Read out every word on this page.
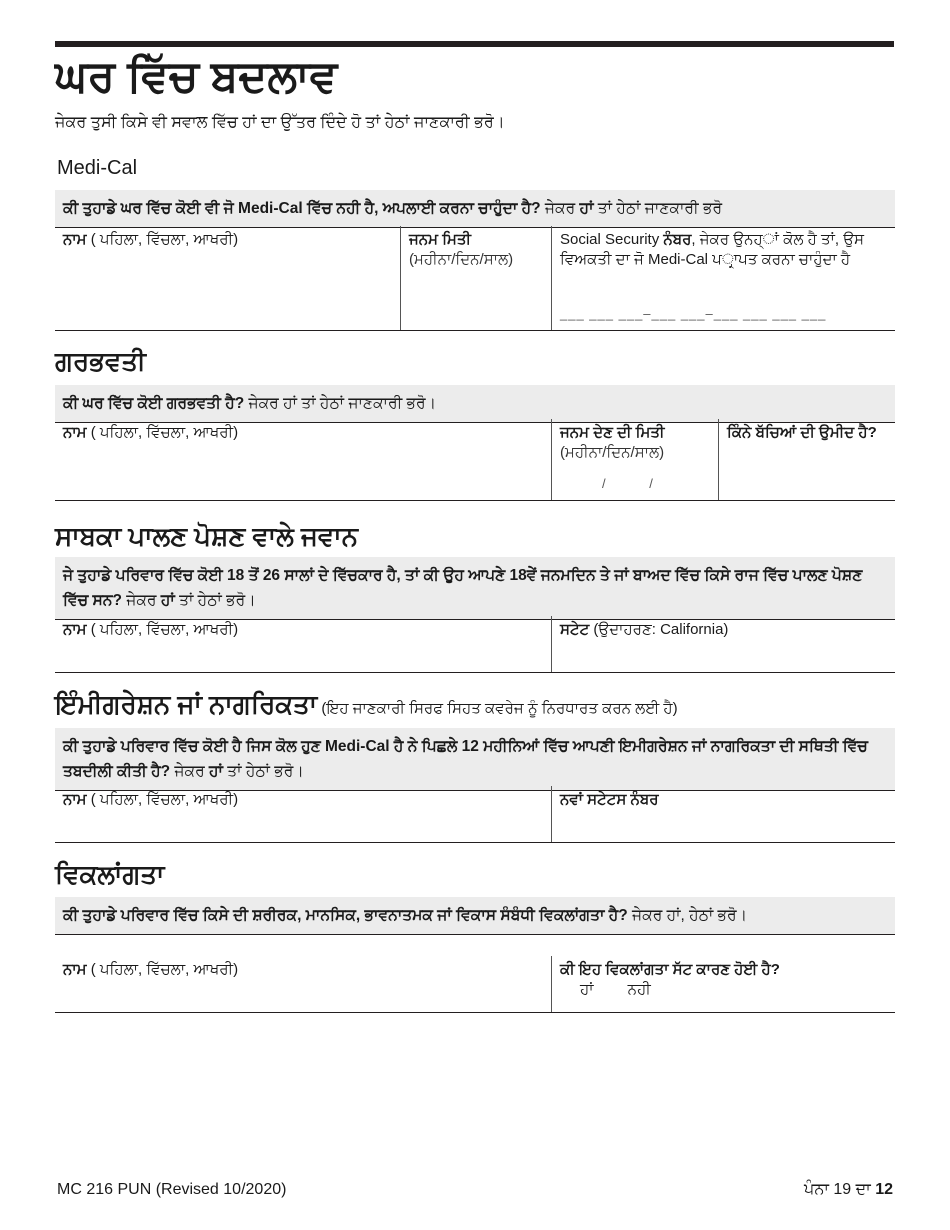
ਘਰ ਵਿੱਚ ਬਦਲਾਵ
ਜੇਕਰ ਤੁਸੀ ਕਿਸੇ ਵੀ ਸਵਾਲ ਵਿੱਚ ਹਾਂ ਦਾ ਉੱਤਰ ਦਿੰਦੇ ਹੋ ਤਾਂ ਹੇਠਾਂ ਜਾਣਕਾਰੀ ਭਰੋ।
Medi-Cal
ਕੀ ਤੁਹਾਡੇ ਘਰ ਵਿੱਚ ਕੋਈ ਵੀ ਜੋ Medi-Cal ਵਿੱਚ ਨਹੀ ਹੈ, ਅਪਲਾਈ ਕਰਨਾ ਚਾਹੁੰਦਾ ਹੈ? ਜੇਕਰ ਹਾਂ ਤਾਂ ਹੇਠਾਂ ਜਾਣਕਾਰੀ ਭਰੋ
ਨਾਮ ( ਪਹਿਲਾ, ਵਿੱਚਲਾ, ਆਖਰੀ)	ਜਨਮ ਮਿਤੀ
(ਮਹੀਨਾ/ਦਿਨ/ਸਾਲ)
Social Security ਨੰਬਰ, ਜੇਕਰ ਉਨਹ੍ਾਂ ਕੋਲ ਹੈ ਤਾਂ, ਉਸ ਵਿਅਕਤੀ ਦਾ ਜੋ Medi-Cal ਪਰ੍ਾਪਤ ਕਰਨਾ ਚਾਹੁੰਦਾ ਹੈ
___ ___ ___–___ ___–___ ___ ___ ___
ਗਰਭਵਤੀ
ਕੀ ਘਰ ਵਿੱਚ ਕੋਈ ਗਰਭਵਤੀ ਹੈ? ਜੇਕਰ ਹਾਂ ਤਾਂ ਹੇਠਾਂ ਜਾਣਕਾਰੀ ਭਰੋ।
ਨਾਮ ( ਪਹਿਲਾ, ਵਿੱਚਲਾ, ਆਖਰੀ)	ਜਨਮ ਦੇਣ ਦੀ ਮਿਤੀ
(ਮਹੀਨਾ/ਦਿਨ/ਸਾਲ)
/ /
ਕਿੰਨੇ ਬੱਚਿਆਂ ਦੀ ਉਮੀਦ ਹੈ?
ਸਾਬਕਾ ਪਾਲਣ ਪੋਸ਼ਣ ਵਾਲੇ ਜਵਾਨ
ਜੇ ਤੁਹਾਡੇ ਪਰਿਵਾਰ ਵਿੱਚ ਕੋਈ 18 ਤੋਂ 26 ਸਾਲਾਂ ਦੇ ਵਿੱਚਕਾਰ ਹੈ, ਤਾਂ ਕੀ ਉਹ ਆਪਣੇ 18ਵੇਂ ਜਨਮਦਿਨ ਤੇ ਜਾਂ ਬਾਅਦ ਵਿੱਚ ਕਿਸੇ ਰਾਜ ਵਿੱਚ ਪਾਲਣ ਪੋਸ਼ਣ ਵਿੱਚ ਸਨ? ਜੇਕਰ ਹਾਂ ਤਾਂ ਹੇਠਾਂ ਭਰੋ।
ਨਾਮ ( ਪਹਿਲਾ, ਵਿੱਚਲਾ, ਆਖਰੀ)	ਸਟੇਟ (ਉਦਾਹਰਣ: California)
ਇੰਮੀਗਰੇਸ਼ਨ ਜਾਂ ਨਾਗਰਿਕਤਾ (ਇਹ ਜਾਣਕਾਰੀ ਸਿਰਫ ਸਿਹਤ ਕਵਰੇਜ ਨੂੰ ਨਿਰਧਾਰਤ ਕਰਨ ਲਈ ਹੈ)
ਕੀ ਤੁਹਾਡੇ ਪਰਿਵਾਰ ਵਿੱਚ ਕੋਈ ਹੈ ਜਿਸ ਕੋਲ ਹੁਣ Medi-Cal ਹੈ ਨੇ ਪਿਛਲੇ 12 ਮਹੀਨਿਆਂ ਵਿੱਚ ਆਪਣੀ ਇਮੀਗਰੇਸ਼ਨ ਜਾਂ ਨਾਗਰਿਕਤਾ ਦੀ ਸਥਿਤੀ ਵਿੱਚ ਤਬਦੀਲੀ ਕੀਤੀ ਹੈ? ਜੇਕਰ ਹਾਂ ਤਾਂ ਹੇਠਾਂ ਭਰੋ।
ਨਾਮ ( ਪਹਿਲਾ, ਵਿੱਚਲਾ, ਆਖਰੀ)	ਨਵਾਂ ਸਟੇਟਸ ਨੰਬਰ
ਵਿਕਲਾਂਗਤਾ
ਕੀ ਤੁਹਾਡੇ ਪਰਿਵਾਰ ਵਿੱਚ ਕਿਸੇ ਦੀ ਸ਼ਰੀਰਕ, ਮਾਨਸਿਕ, ਭਾਵਨਾਤਮਕ ਜਾਂ ਵਿਕਾਸ ਸੰਬੰਧੀ ਵਿਕਲਾਂਗਤਾ ਹੈ? ਜੇਕਰ ਹਾਂ, ਹੇਠਾਂ ਭਰੋ।
ਨਾਮ ( ਪਹਿਲਾ, ਵਿੱਚਲਾ, ਆਖਰੀ)	ਕੀ ਇਹ ਵਿਕਲਾਂਗਤਾ ਸੱਟ ਕਾਰਣ ਹੋਈ ਹੈ?
ਹਾਂ ਨਹੀ
MC 216 PUN (Revised 10/2020)	ਪੰਨਾ 19 ਦਾ 12
